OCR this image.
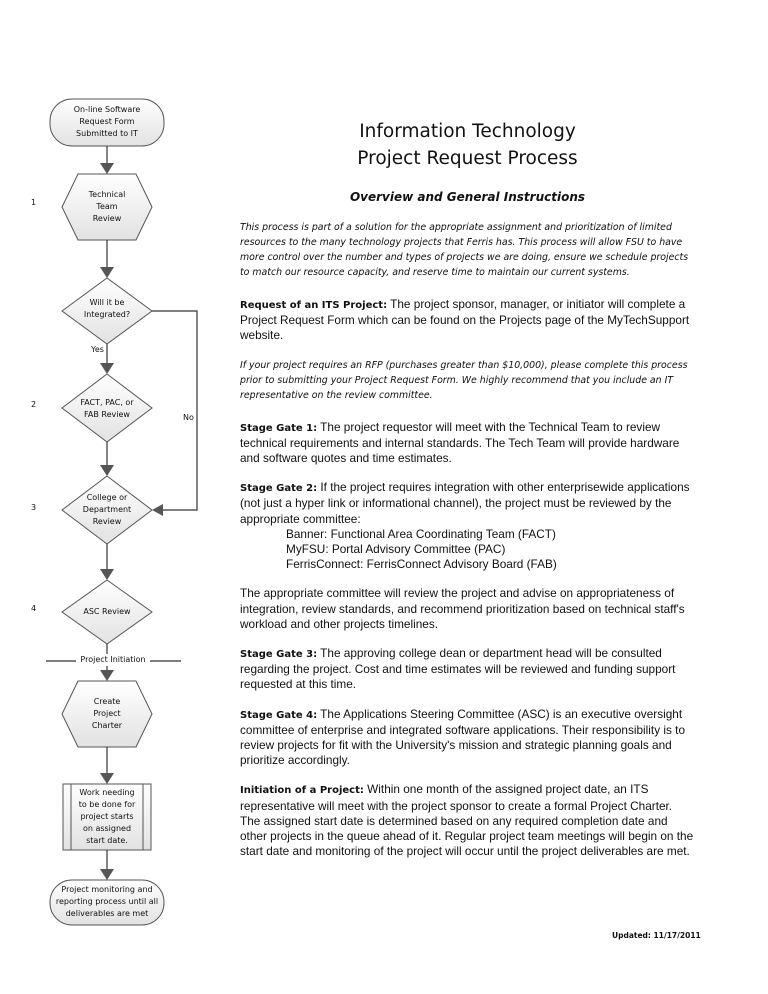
On-line Software
Request Form
Submitted to IT
Technical
Team
Review
Will it be
Integrated?
Yes
No
FACT, PAC, or
FAB Review
College or
Department
Review
ASC Review
Project Initiation
Create
Project
Charter
Work needing
to be done for
project starts
on assigned
start date.
Project monitoring and
reporting process until all
deliverables are met
1
2
3
4
Information Technology
Project Request Process
Overview and General Instructions

This process is part of a solution for the appropriate assignment and prioritization of limited resources to the many technology projects that Ferris has. This process will allow FSU to have more control over the number and types of projects we are doing, ensure we schedule projects to match our resource capacity, and reserve time to maintain our current systems.

Request of an ITS Project: The project sponsor, manager, or initiator will complete a Project Request Form which can be found on the Projects page of the MyTechSupport website.

If your project requires an RFP (purchases greater than $10,000), please complete this process prior to submitting your Project Request Form. We highly recommend that you include an IT representative on the review committee.

Stage Gate 1: The project requestor will meet with the Technical Team to review technical requirements and internal standards. The Tech Team will provide hardware and software quotes and time estimates.

Stage Gate 2: If the project requires integration with other enterprisewide applications (not just a hyper link or informational channel), the project must be reviewed by the appropriate committee:
Banner: Functional Area Coordinating Team (FACT)
MyFSU: Portal Advisory Committee (PAC)
FerrisConnect: FerrisConnect Advisory Board (FAB)

The appropriate committee will review the project and advise on appropriateness of integration, review standards, and recommend prioritization based on technical staff's workload and other projects timelines.

Stage Gate 3: The approving college dean or department head will be consulted regarding the project. Cost and time estimates will be reviewed and funding support requested at this time.

Stage Gate 4: The Applications Steering Committee (ASC) is an executive oversight committee of enterprise and integrated software applications. Their responsibility is to review projects for fit with the University's mission and strategic planning goals and prioritize accordingly.

Initiation of a Project: Within one month of the assigned project date, an ITS representative will meet with the project sponsor to create a formal Project Charter. The assigned start date is determined based on any required completion date and other projects in the queue ahead of it. Regular project team meetings will begin on the start date and monitoring of the project will occur until the project deliverables are met.

Updated: 11/17/2011
